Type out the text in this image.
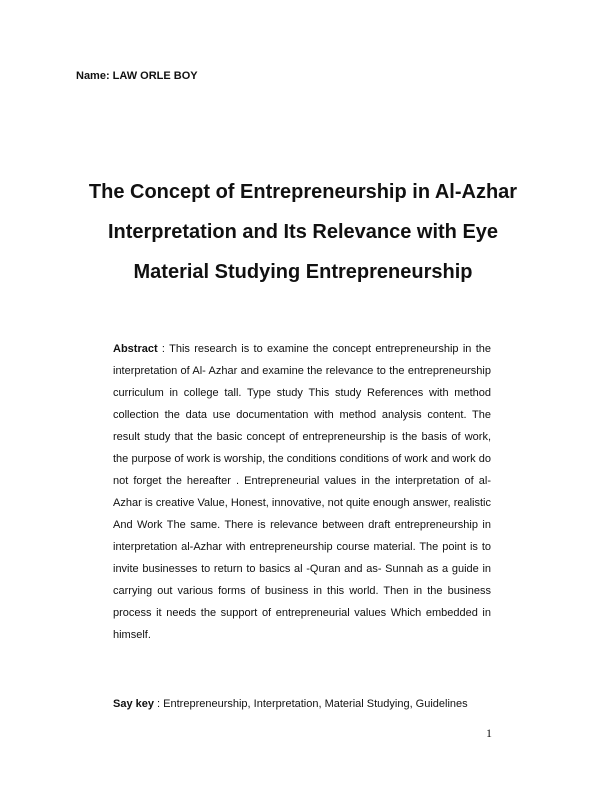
Name: LAW ORLE BOY
The Concept of Entrepreneurship in Al-Azhar
Interpretation and Its Relevance with Eye
Material Studying Entrepreneurship
Abstract : This research is to examine the concept entrepreneurship in the interpretation of Al- Azhar and examine the relevance to the entrepreneurship curriculum in college tall. Type study This study References with method collection the data use documentation with method analysis content. The result study that the basic concept of entrepreneurship is the basis of work, the purpose of work is worship, the conditions conditions of work and work do not forget the hereafter . Entrepreneurial values in the interpretation of al-Azhar is creative Value, Honest, innovative, not quite enough answer, realistic And Work The same. There is relevance between draft entrepreneurship in interpretation al-Azhar with entrepreneurship course material. The point is to invite businesses to return to basics al -Quran and as- Sunnah as a guide in carrying out various forms of business in this world. Then in the business process it needs the support of entrepreneurial values Which embedded in himself.
Say key : Entrepreneurship, Interpretation, Material Studying, Guidelines
1
